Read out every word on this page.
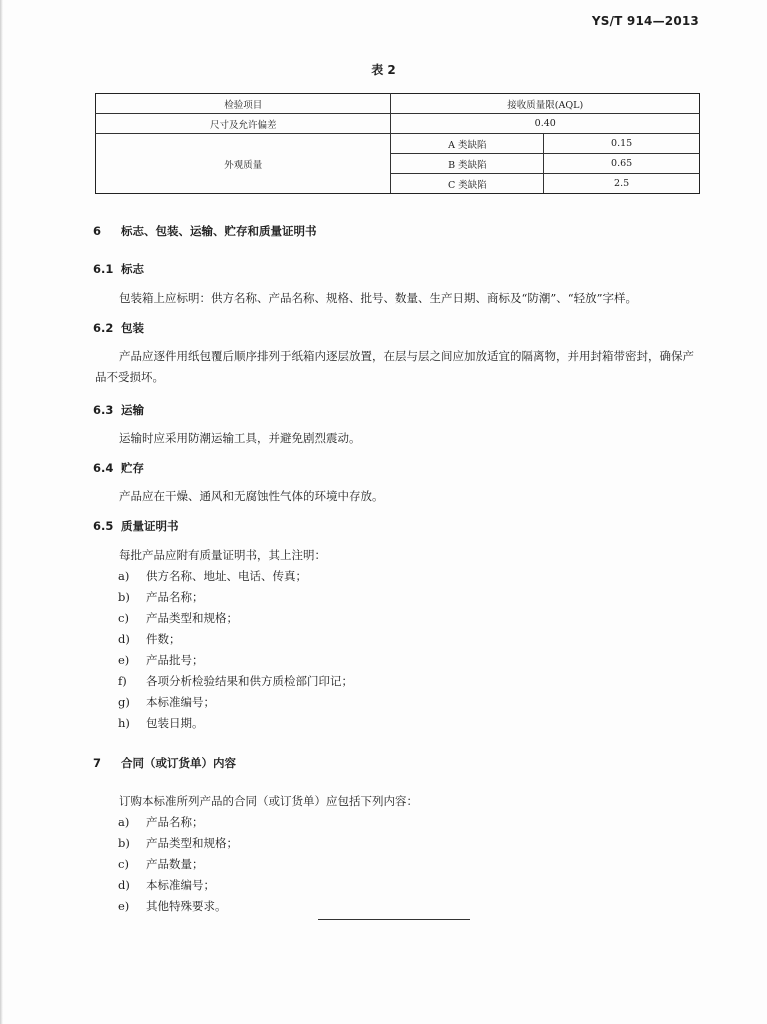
YS/T 914—2013
表 2
检验项目	接收质量限(AQL)	
尺寸及允许偏差	0.40	
外观质量	A 类缺陷	0.15
	B 类缺陷	0.65
	C 类缺陷	2.5
6 标志、包装、运输、贮存和质量证明书
6.1 标志
包装箱上应标明：供方名称、产品名称、规格、批号、数量、生产日期、商标及“防潮”、“轻放”字样。
6.2 包装
产品应逐件用纸包覆后顺序排列于纸箱内逐层放置，在层与层之间应加放适宜的隔离物，并用封箱带密封，确保产品不受损坏。
6.3 运输
运输时应采用防潮运输工具，并避免剧烈震动。
6.4 贮存
产品应在干燥、通风和无腐蚀性气体的环境中存放。
6.5 质量证明书
每批产品应附有质量证明书，其上注明：
a) 供方名称、地址、电话、传真；
b) 产品名称；
c) 产品类型和规格；
d) 件数；
e) 产品批号；
f) 各项分析检验结果和供方质检部门印记；
g) 本标准编号；
h) 包装日期。
7 合同（或订货单）内容
订购本标准所列产品的合同（或订货单）应包括下列内容：
a) 产品名称；
b) 产品类型和规格；
c) 产品数量；
d) 本标准编号；
e) 其他特殊要求。
